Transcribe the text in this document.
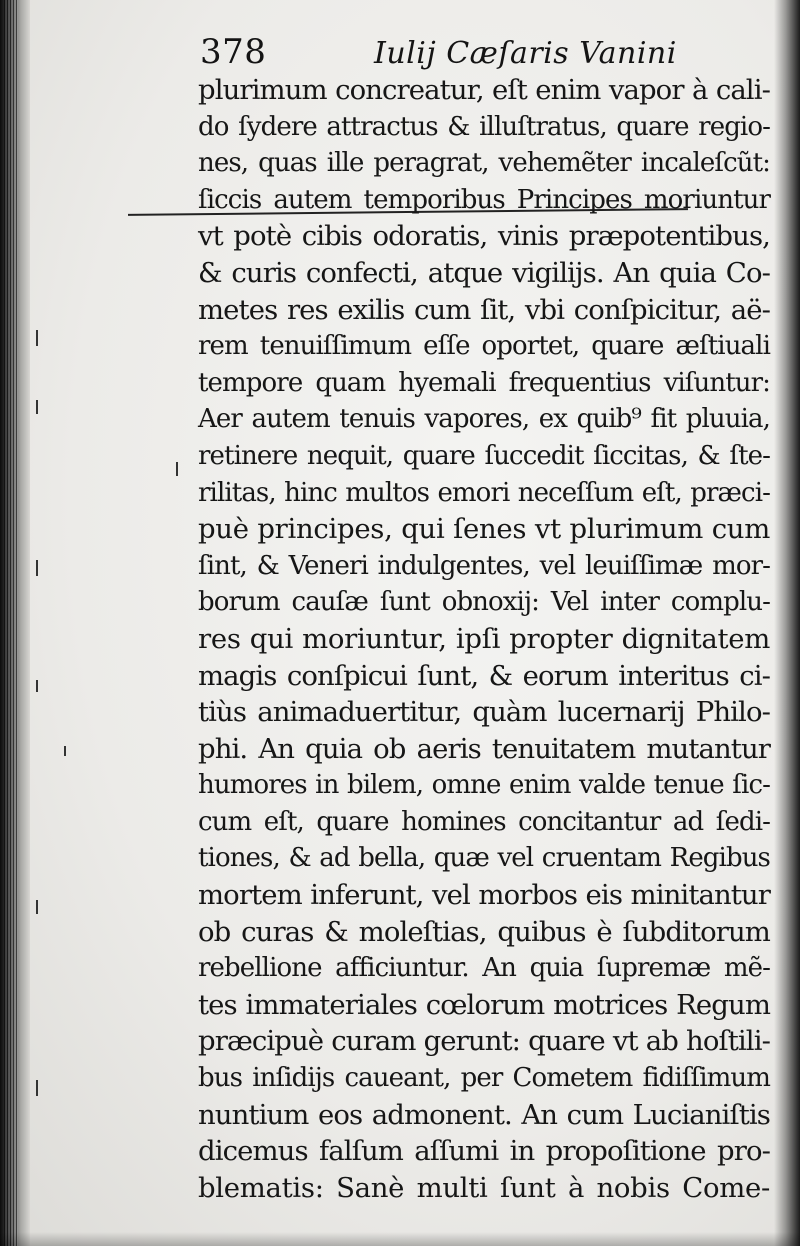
378	Iulij Cæſaris Vanini
plurimum concreatur, eſt enim vapor à cali-
do ſydere attractus & illuſtratus, quare regio-
nes, quas ille peragrat, vehemẽter incaleſcũt:
ſiccis autem temporibus Principes moriuntur
vt potè cibis odoratis, vinis præpotentibus,
& curis confecti, atque vigilijs. An quia Co-
metes res exilis cum ſit, vbi conſpicitur, aë-
rem tenuiſſimum eſſe oportet, quare æſtiuali
tempore quam hyemali frequentius viſuntur:
Aer autem tenuis vapores, ex quib⁹ fit pluuia,
retinere nequit, quare ſuccedit ſiccitas, & ſte-
rilitas, hinc multos emori neceſſum eſt, præci-
puè principes, qui ſenes vt plurimum cum
ſint, & Veneri indulgentes, vel leuiſſimæ mor-
borum cauſæ ſunt obnoxij: Vel inter complu-
res qui moriuntur, ipſi propter dignitatem
magis conſpicui ſunt, & eorum interitus ci-
tiùs animaduertitur, quàm lucernarij Philo-
phi. An quia ob aeris tenuitatem mutantur
humores in bilem, omne enim valde tenue ſic-
cum eſt, quare homines concitantur ad ſedi-
tiones, & ad bella, quæ vel cruentam Regibus
mortem inferunt, vel morbos eis minitantur
ob curas & moleſtias, quibus è ſubditorum
rebellione afficiuntur. An quia ſupremæ mẽ-
tes immateriales cœlorum motrices Regum
præcipuè curam gerunt: quare vt ab hoſtili-
bus inſidijs caueant, per Cometem fidiſſimum
nuntium eos admonent. An cum Lucianiſtis
dicemus falſum aſſumi in propoſitione pro-
blematis: Sanè multi ſunt à nobis Come-
